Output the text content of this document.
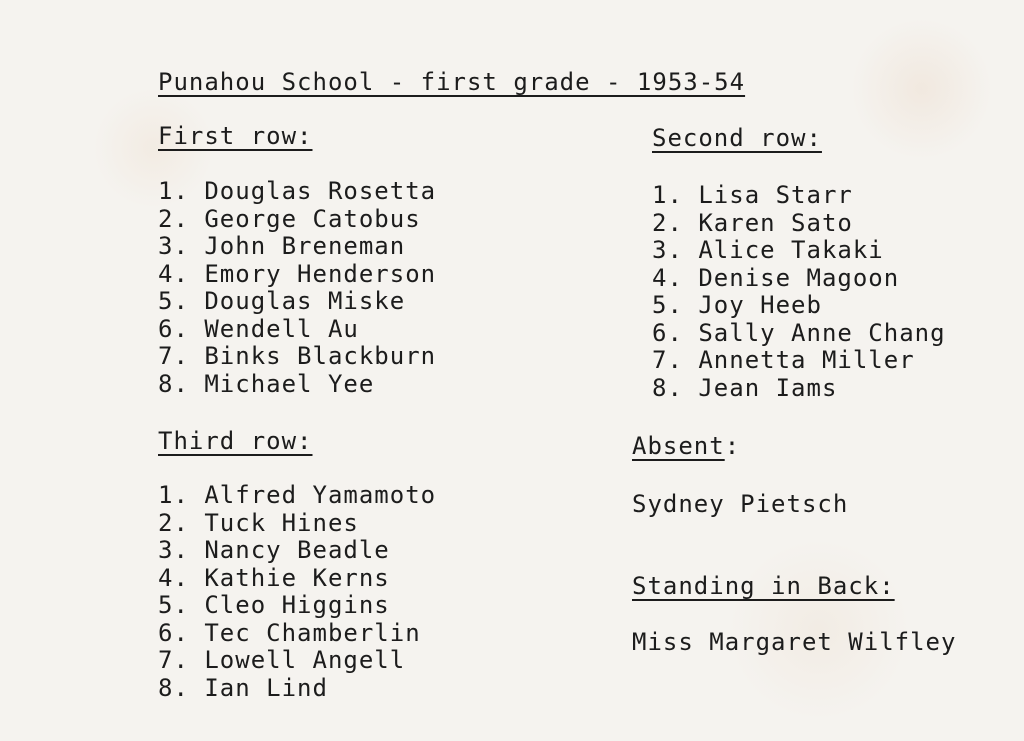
Punahou School - first grade - 1953-54
First row:
1. Douglas Rosetta
2. George Catobus
3. John Breneman
4. Emory Henderson
5. Douglas Miske
6. Wendell Au
7. Binks Blackburn
8. Michael Yee
Second row:
1. Lisa Starr
2. Karen Sato
3. Alice Takaki
4. Denise Magoon
5. Joy Heeb
6. Sally Anne Chang
7. Annetta Miller
8. Jean Iams
Third row:
1. Alfred Yamamoto
2. Tuck Hines
3. Nancy Beadle
4. Kathie Kerns
5. Cleo Higgins
6. Tec Chamberlin
7. Lowell Angell
8. Ian Lind
Absent:
Sydney Pietsch
Standing in Back:
Miss Margaret Wilfley
